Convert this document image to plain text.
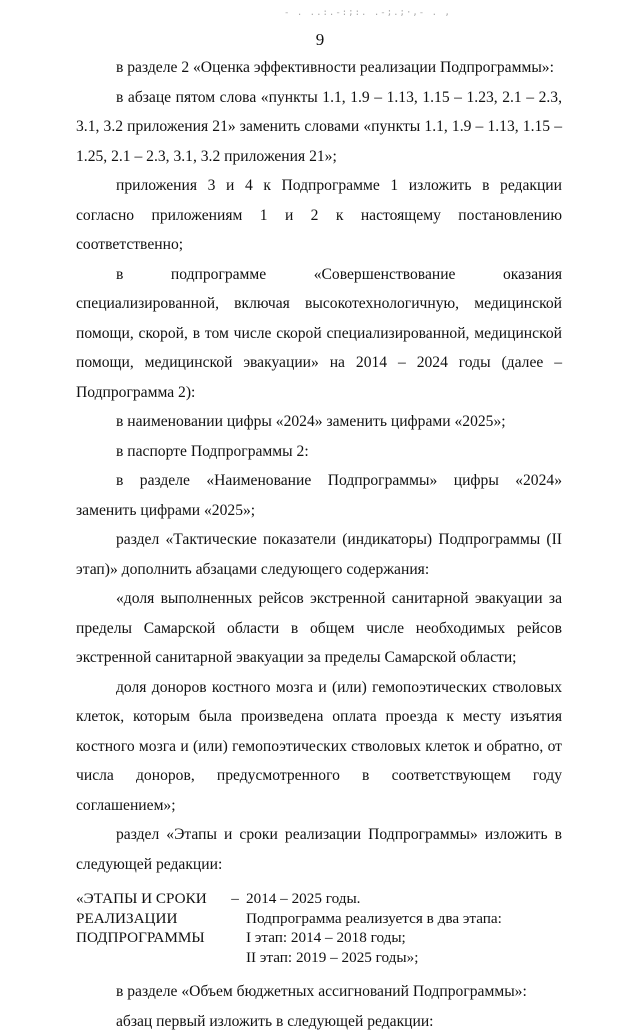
- . ..:.-:;:. .-;.;·,- . ,
9

в разделе 2 «Оценка эффективности реализации Подпрограммы»:

в абзаце пятом слова «пункты 1.1, 1.9 – 1.13, 1.15 – 1.23, 2.1 – 2.3, 3.1, 3.2 приложения 21» заменить словами «пункты 1.1, 1.9 – 1.13, 1.15 – 1.25, 2.1 – 2.3, 3.1, 3.2 приложения 21»;

приложения 3 и 4 к Подпрограмме 1 изложить в редакции согласно приложениям 1 и 2 к настоящему постановлению соответственно;

в подпрограмме «Совершенствование оказания специализированной, включая высокотехнологичную, медицинской помощи, скорой, в том числе скорой специализированной, медицинской помощи, медицинской эвакуации» на 2014 – 2024 годы (далее – Подпрограмма 2):

в наименовании цифры «2024» заменить цифрами «2025»;

в паспорте Подпрограммы 2:

в разделе «Наименование Подпрограммы» цифры «2024» заменить цифрами «2025»;

раздел «Тактические показатели (индикаторы) Подпрограммы (II этап)» дополнить абзацами следующего содержания:

«доля выполненных рейсов экстренной санитарной эвакуации за пределы Самарской области в общем числе необходимых рейсов экстренной санитарной эвакуации за пределы Самарской области;

доля доноров костного мозга и (или) гемопоэтических стволовых клеток, которым была произведена оплата проезда к месту изъятия костного мозга и (или) гемопоэтических стволовых клеток и обратно, от числа доноров, предусмотренного в соответствующем году соглашением»;

раздел «Этапы и сроки реализации Подпрограммы» изложить в следующей редакции:

«ЭТАПЫ И СРОКИ
РЕАЛИЗАЦИИ
ПОДПРОГРАММЫ
– 2014 – 2025 годы.
Подпрограмма реализуется в два этапа:
I этап: 2014 – 2018 годы;
II этап: 2019 – 2025 годы»;

в разделе «Объем бюджетных ассигнований Подпрограммы»:

абзац первый изложить в следующей редакции:
